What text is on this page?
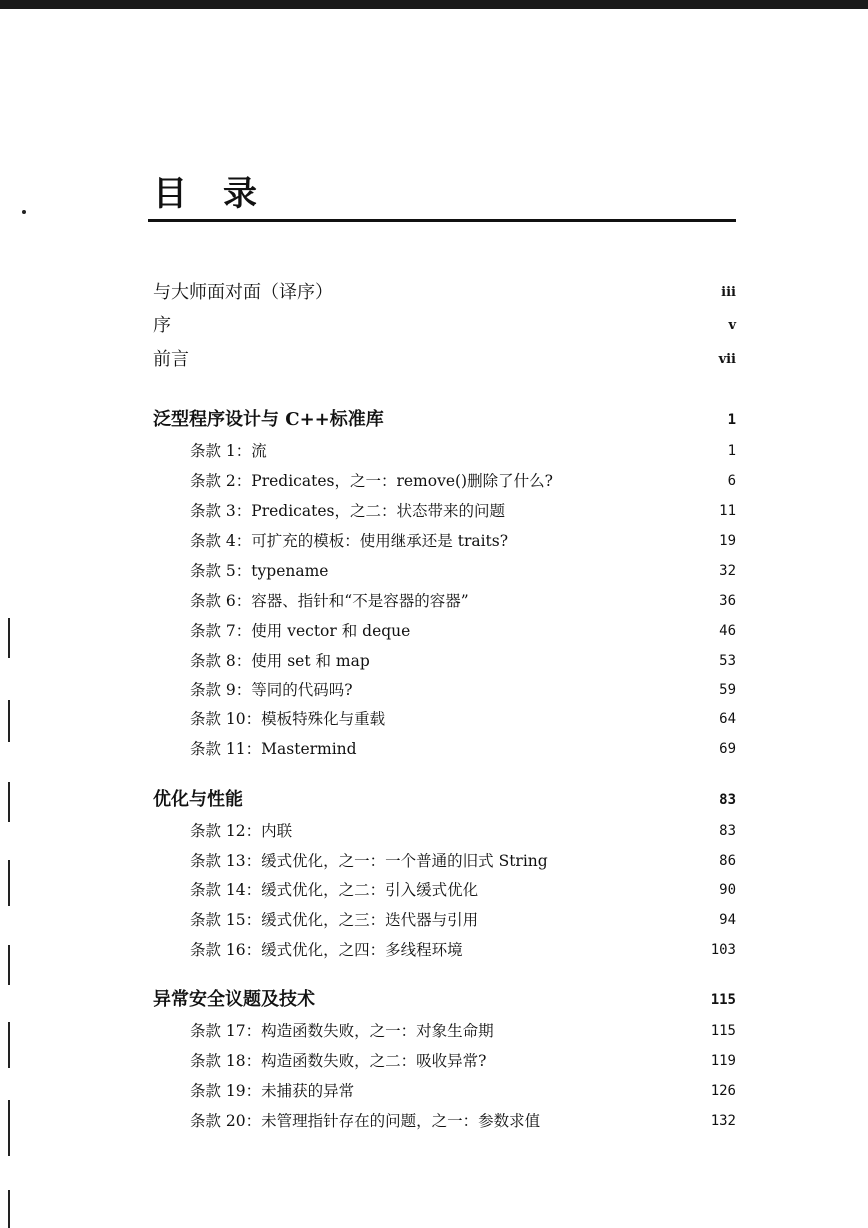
目 录
与大师面对面（译序）	iii
序	v
前言	vii
泛型程序设计与 C++标准库	1
条款 1：流	1
条款 2：Predicates，之一：remove()删除了什么?	6
条款 3：Predicates，之二：状态带来的问题	11
条款 4：可扩充的模板：使用继承还是 traits?	19
条款 5：typename	32
条款 6：容器、指针和“不是容器的容器”	36
条款 7：使用 vector 和 deque	46
条款 8：使用 set 和 map	53
条款 9：等同的代码吗?	59
条款 10：模板特殊化与重载	64
条款 11：Mastermind	69
优化与性能	83
条款 12：内联	83
条款 13：缓式优化，之一：一个普通的旧式 String	86
条款 14：缓式优化，之二：引入缓式优化	90
条款 15：缓式优化，之三：迭代器与引用	94
条款 16：缓式优化，之四：多线程环境	103
异常安全议题及技术	115
条款 17：构造函数失败，之一：对象生命期	115
条款 18：构造函数失败，之二：吸收异常?	119
条款 19：未捕获的异常	126
条款 20：未管理指针存在的问题，之一：参数求值	132
